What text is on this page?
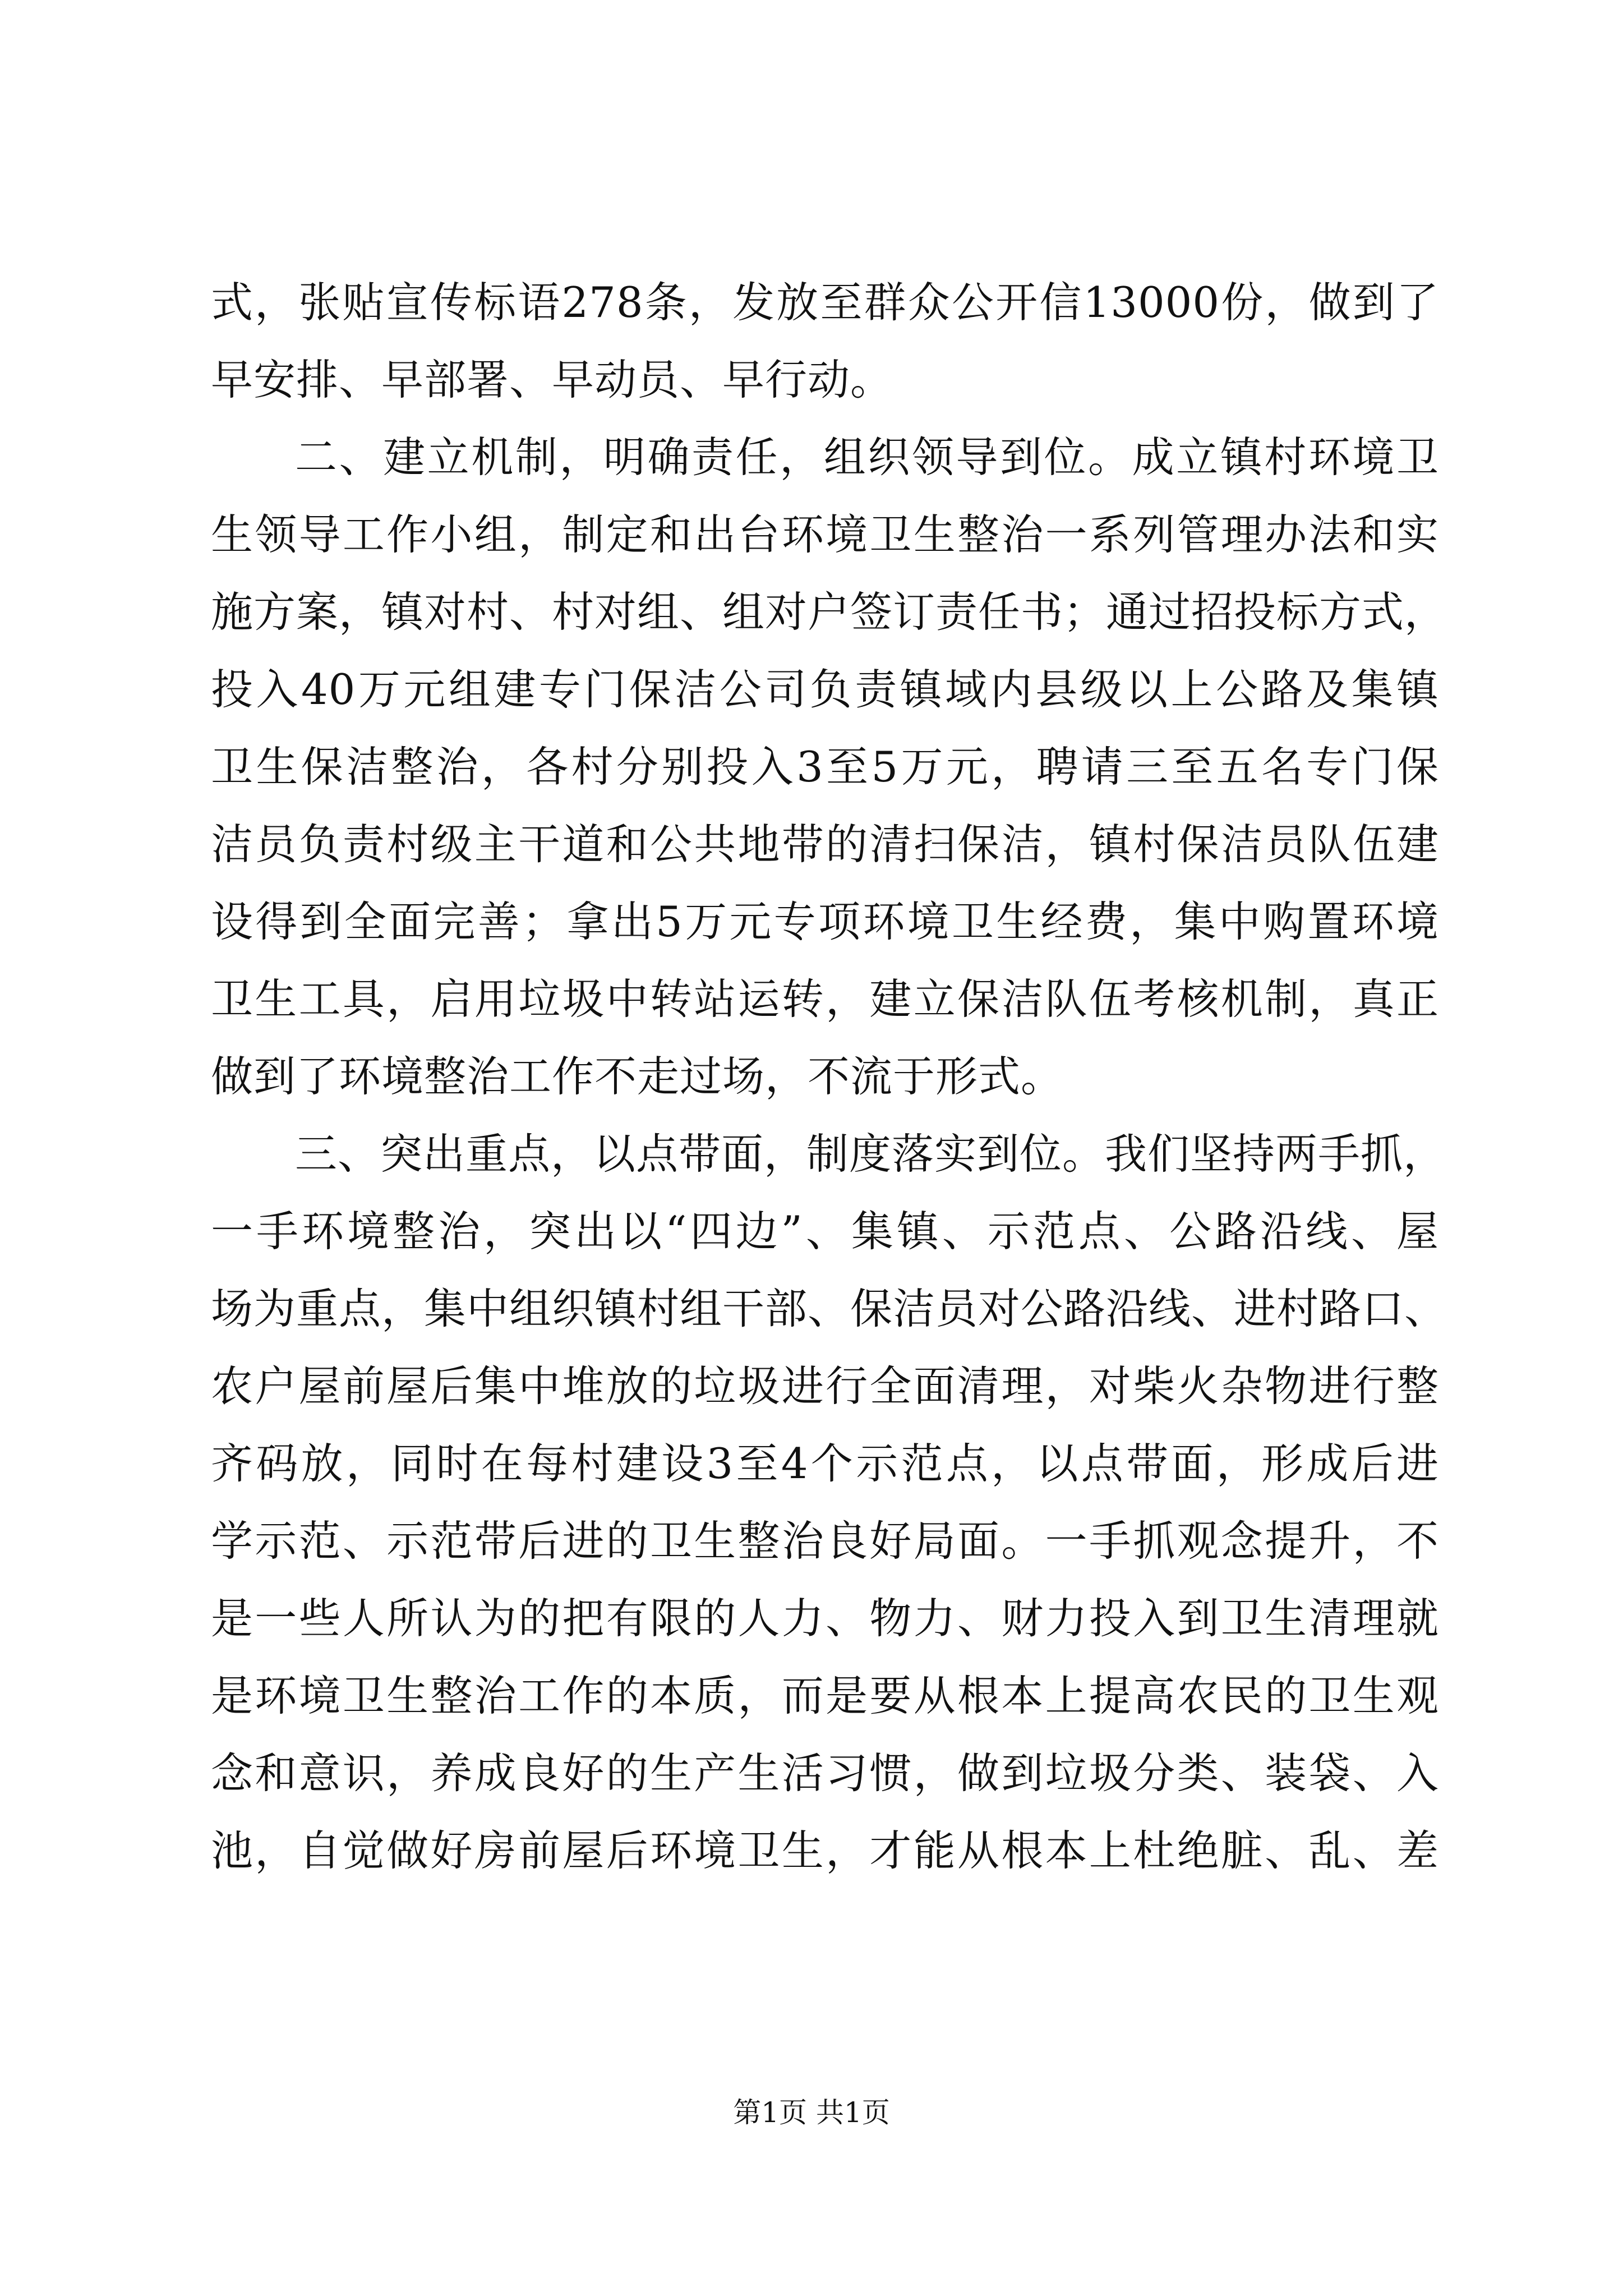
式，张贴宣传标语278条，发放至群众公开信13000份，做到了
早安排、早部署、早动员、早行动。
二、建立机制，明确责任，组织领导到位。成立镇村环境卫
生领导工作小组，制定和出台环境卫生整治一系列管理办法和实
施方案，镇对村、村对组、组对户签订责任书；通过招投标方式，
投入40万元组建专门保洁公司负责镇域内县级以上公路及集镇
卫生保洁整治，各村分别投入3至5万元，聘请三至五名专门保
洁员负责村级主干道和公共地带的清扫保洁，镇村保洁员队伍建
设得到全面完善；拿出5万元专项环境卫生经费，集中购置环境
卫生工具，启用垃圾中转站运转，建立保洁队伍考核机制，真正
做到了环境整治工作不走过场，不流于形式。
三、突出重点，以点带面，制度落实到位。我们坚持两手抓，
一手环境整治，突出以“四边”、集镇、示范点、公路沿线、屋
场为重点，集中组织镇村组干部、保洁员对公路沿线、进村路口、
农户屋前屋后集中堆放的垃圾进行全面清理，对柴火杂物进行整
齐码放，同时在每村建设3至4个示范点，以点带面，形成后进
学示范、示范带后进的卫生整治良好局面。一手抓观念提升，不
是一些人所认为的把有限的人力、物力、财力投入到卫生清理就
是环境卫生整治工作的本质，而是要从根本上提高农民的卫生观
念和意识，养成良好的生产生活习惯，做到垃圾分类、装袋、入
池，自觉做好房前屋后环境卫生，才能从根本上杜绝脏、乱、差
第1页 共1页
